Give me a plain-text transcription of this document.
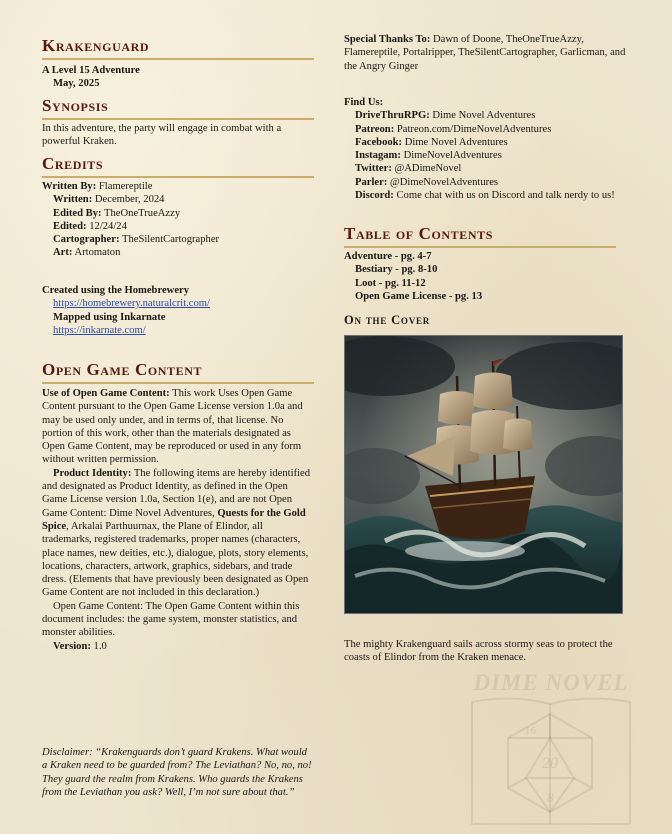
Krakenguard

A Level 15 Adventure

May, 2025

Synopsis

In this adventure, the party will engage in combat with a powerful Kraken.

Credits

Written By: Flamereptile

Written: December, 2024

Edited By: TheOneTrueAzzy

Edited: 12/24/24

Cartographer: TheSilentCartographer

Art: Artomaton

Created using the Homebrewery

https://homebrewery.naturalcrit.com/

Mapped using Inkarnate

https://inkarnate.com/

Open Game Content

Use of Open Game Content: This work Uses Open Game Content pursuant to the Open Game License version 1.0a and may be used only under, and in terms of, that license. No portion of this work, other than the materials designated as Open Game Content, may be reproduced or used in any form without written permission.

Product Identity: The following items are hereby identified and designated as Product Identity, as defined in the Open Game License version 1.0a, Section 1(e), and are not Open Game Content: Dime Novel Adventures, Quests for the Gold Spice, Arkalai Parthuurnax, the Plane of Elindor, all trademarks, registered trademarks, proper names (characters, place names, new deities, etc.), dialogue, plots, story elements, locations, characters, artwork, graphics, sidebars, and trade dress. (Elements that have previously been designated as Open Game Content are not included in this declaration.)

Open Game Content: The Open Game Content within this document includes: the game system, monster statistics, and monster abilities.

Version: 1.0

Disclaimer: “Krakenguards don’t guard Krakens. What would a Kraken need to be guarded from? The Leviathan? No, no, no! They guard the realm from Krakens. Who guards the Krakens from the Leviathan you ask? Well, I’m not sure about that.”

Special Thanks To: Dawn of Doone, TheOneTrueAzzy, Flamereptile, Portalripper, TheSilentCartographer, Garlicman, and the Angry Ginger

Find Us:

DriveThruRPG: Dime Novel Adventures

Patreon: Patreon.com/DimeNovelAdventures

Facebook: Dime Novel Adventures

Instagam: DimeNovelAdventures

Twitter: @ADimeNovel

Parler: @DimeNovelAdventures

Discord: Come chat with us on Discord and talk nerdy to us!

Table of Contents

Adventure - pg. 4-7

Bestiary - pg. 8-10

Loot - pg. 11-12

Open Game License - pg. 13

On the Cover

The mighty Krakenguard sails across stormy seas to protect the coasts of Elindor from the Kraken menace.

DIME NOVEL
16
20
8
